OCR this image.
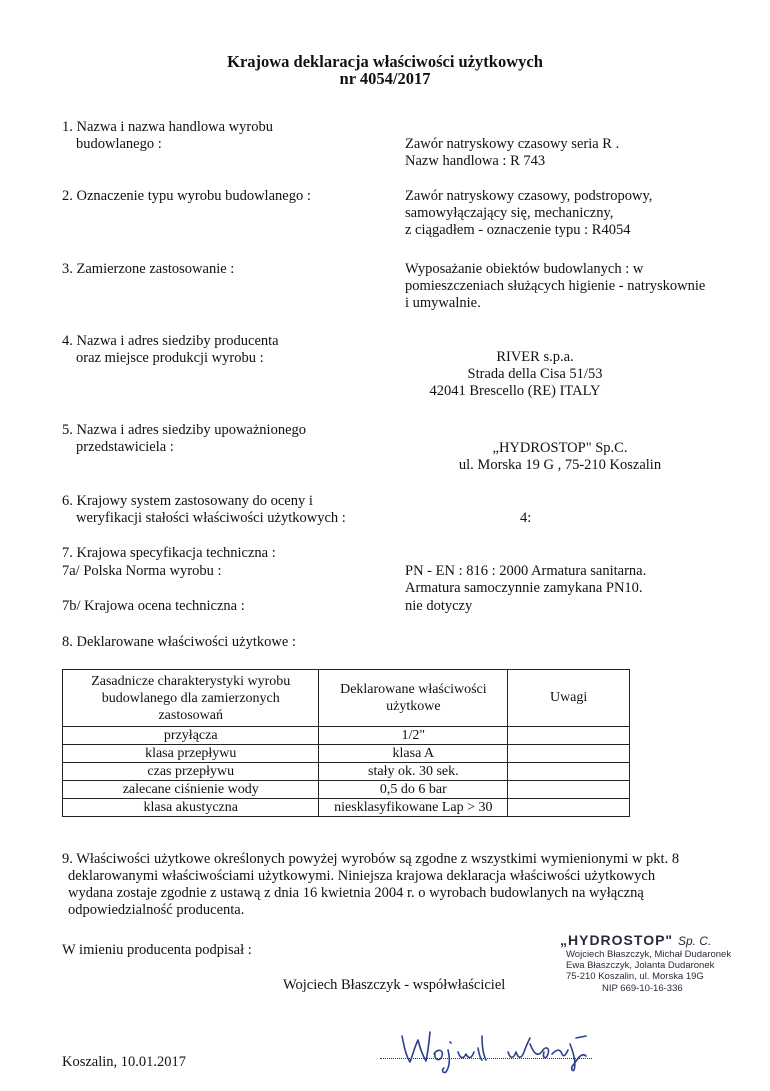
Krajowa deklaracja właściwości użytkowych
nr 4054/2017
1. Nazwa i nazwa handlowa wyrobu
budowlanego :	Zawór natryskowy czasowy seria R .
Nazw handlowa : R 743
2. Oznaczenie typu wyrobu budowlanego :	Zawór natryskowy czasowy, podstropowy,
samowyłączający się, mechaniczny,
z ciągadłem - oznaczenie typu : R4054
3. Zamierzone zastosowanie :	Wyposażanie obiektów budowlanych : w
pomieszczeniach służących higienie - natryskownie
i umywalnie.
4. Nazwa i adres siedziby producenta
oraz miejsce produkcji wyrobu :	RIVER s.p.a.
Strada della Cisa 51/53
42041 Brescello (RE) ITALY
5. Nazwa i adres siedziby upoważnionego
przedstawiciela :	„HYDROSTOP" Sp.C.
ul. Morska 19 G , 75-210 Koszalin
6. Krajowy system zastosowany do oceny i
weryfikacji stałości właściwości użytkowych :	4:
7. Krajowa specyfikacja techniczna :
7a/ Polska Norma wyrobu :	PN - EN : 816 : 2000 Armatura sanitarna.
Armatura samoczynnie zamykana PN10.
7b/ Krajowa ocena techniczna :	nie dotyczy
8. Deklarowane właściwości użytkowe :
Zasadnicze charakterystyki wyrobu
budowlanego dla zamierzonych
zastosowań	Deklarowane właściwości
użytkowe	Uwagi
przyłącza	1/2"	
klasa przepływu	klasa A	
czas przepływu	stały ok. 30 sek.	
zalecane ciśnienie wody	0,5 do 6 bar	
klasa akustyczna	niesklasyfikowane Lap > 30	
9. Właściwości użytkowe określonych powyżej wyrobów są zgodne z wszystkimi wymienionymi w pkt. 8
deklarowanymi właściwościami użytkowymi. Niniejsza krajowa deklaracja właściwości użytkowych
wydana zostaje zgodnie z ustawą z dnia 16 kwietnia 2004 r. o wyrobach budowlanych na wyłączną
odpowiedzialność producenta.
W imieniu producenta podpisał :
Wojciech Błaszczyk - współwłaściciel
Koszalin, 10.01.2017
„HYDROSTOP" Sp. C.
Wojciech Błaszczyk, Michał Dudaronek
Ewa Błaszczyk, Jolanta Dudaronek
75-210 Koszalin, ul. Morska 19G
NIP 669-10-16-336
